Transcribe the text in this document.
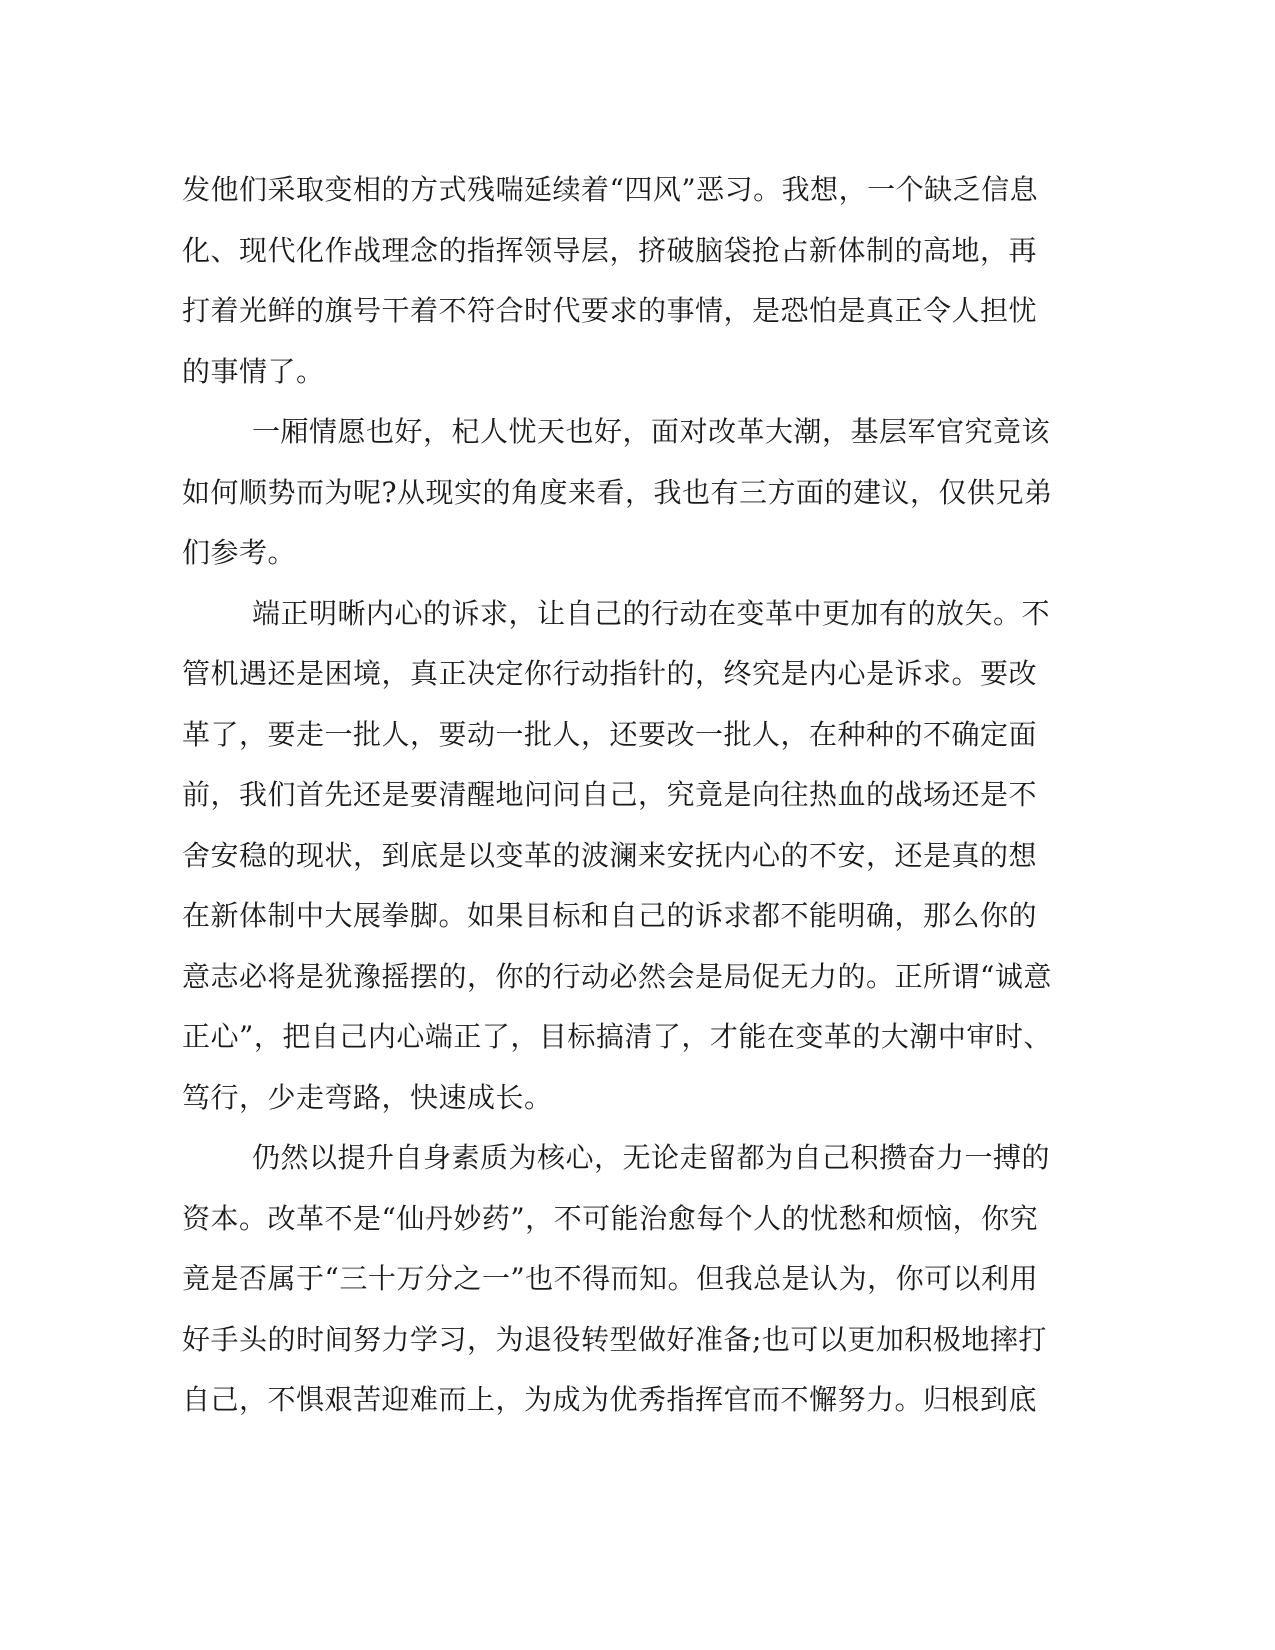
发他们采取变相的方式残喘延续着“四风”恶习。我想，一个缺乏信息
化、现代化作战理念的指挥领导层，挤破脑袋抢占新体制的高地，再
打着光鲜的旗号干着不符合时代要求的事情，是恐怕是真正令人担忧
的事情了。
一厢情愿也好，杞人忧天也好，面对改革大潮，基层军官究竟该
如何顺势而为呢?从现实的角度来看，我也有三方面的建议，仅供兄弟
们参考。
端正明晰内心的诉求，让自己的行动在变革中更加有的放矢。不
管机遇还是困境，真正决定你行动指针的，终究是内心是诉求。要改
革了，要走一批人，要动一批人，还要改一批人，在种种的不确定面
前，我们首先还是要清醒地问问自己，究竟是向往热血的战场还是不
舍安稳的现状，到底是以变革的波澜来安抚内心的不安，还是真的想
在新体制中大展拳脚。如果目标和自己的诉求都不能明确，那么你的
意志必将是犹豫摇摆的，你的行动必然会是局促无力的。正所谓“诚意
正心”，把自己内心端正了，目标搞清了，才能在变革的大潮中审时、
笃行，少走弯路，快速成长。
仍然以提升自身素质为核心，无论走留都为自己积攒奋力一搏的
资本。改革不是“仙丹妙药”，不可能治愈每个人的忧愁和烦恼，你究
竟是否属于“三十万分之一”也不得而知。但我总是认为，你可以利用
好手头的时间努力学习，为退役转型做好准备;也可以更加积极地摔打
自己，不惧艰苦迎难而上，为成为优秀指挥官而不懈努力。归根到底
